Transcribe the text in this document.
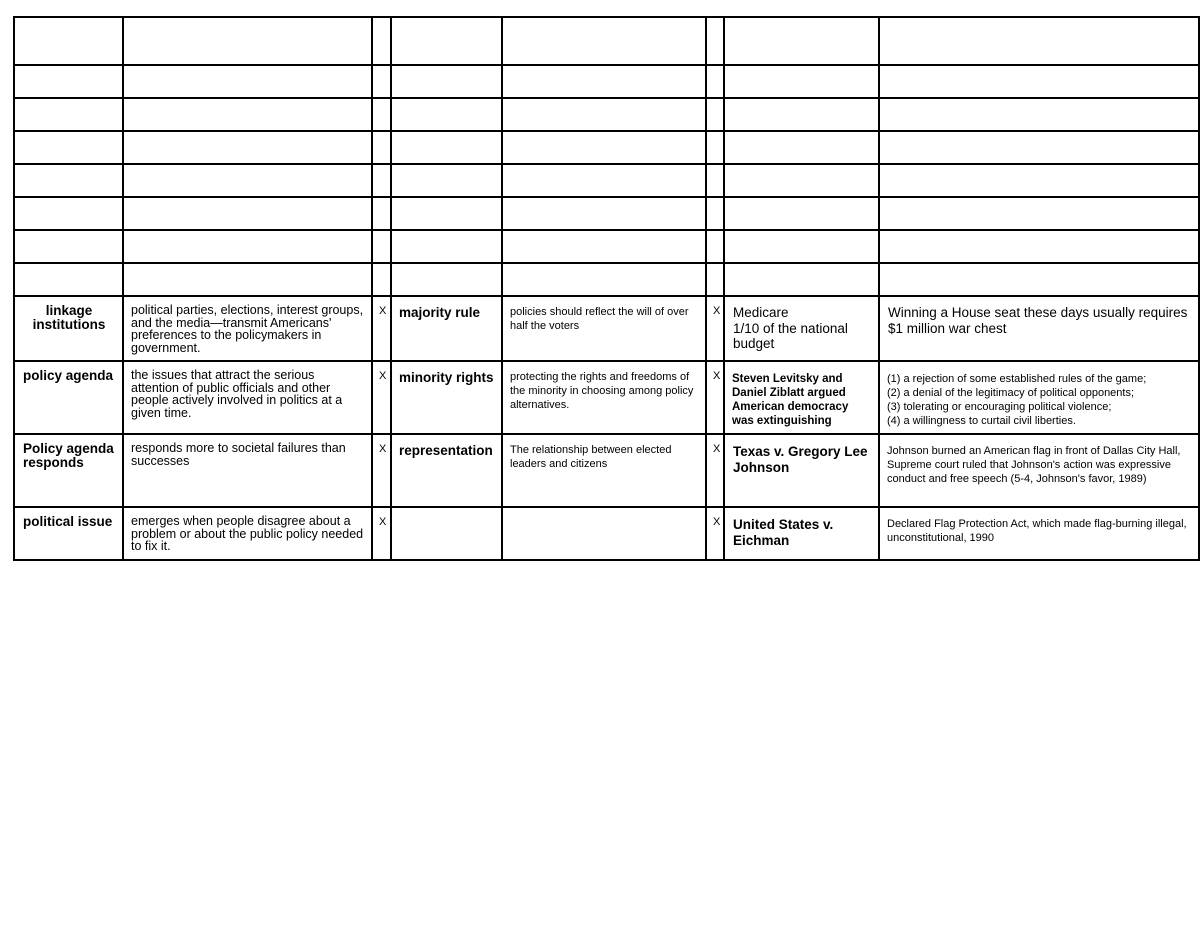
linkage institutions	political parties, elections, interest groups, and the media—transmit Americans' preferences to the policymakers in government.	X	majority rule	policies should reflect the will of over half the voters	X	Medicare
1/10 of the national budget	Winning a House seat these days usually requires $1 million war chest

policy agenda	the issues that attract the serious attention of public officials and other people actively involved in politics at a given time.	X	minority rights	protecting the rights and freedoms of the minority in choosing among policy alternatives.	X	Steven Levitsky and Daniel Ziblatt argued American democracy was extinguishing	(1) a rejection of some established rules of the game;
(2) a denial of the legitimacy of political opponents;
(3) tolerating or encouraging political violence;
(4) a willingness to curtail civil liberties.

Policy agenda responds	responds more to societal failures than successes	X	representation	The relationship between elected leaders and citizens	X	Texas v. Gregory Lee Johnson	Johnson burned an American flag in front of Dallas City Hall, Supreme court ruled that Johnson's action was expressive conduct and free speech (5-4, Johnson's favor, 1989)

political issue	emerges when people disagree about a problem or about the public policy needed to fix it.	X			X	United States v. Eichman	Declared Flag Protection Act, which made flag-burning illegal, unconstitutional, 1990
